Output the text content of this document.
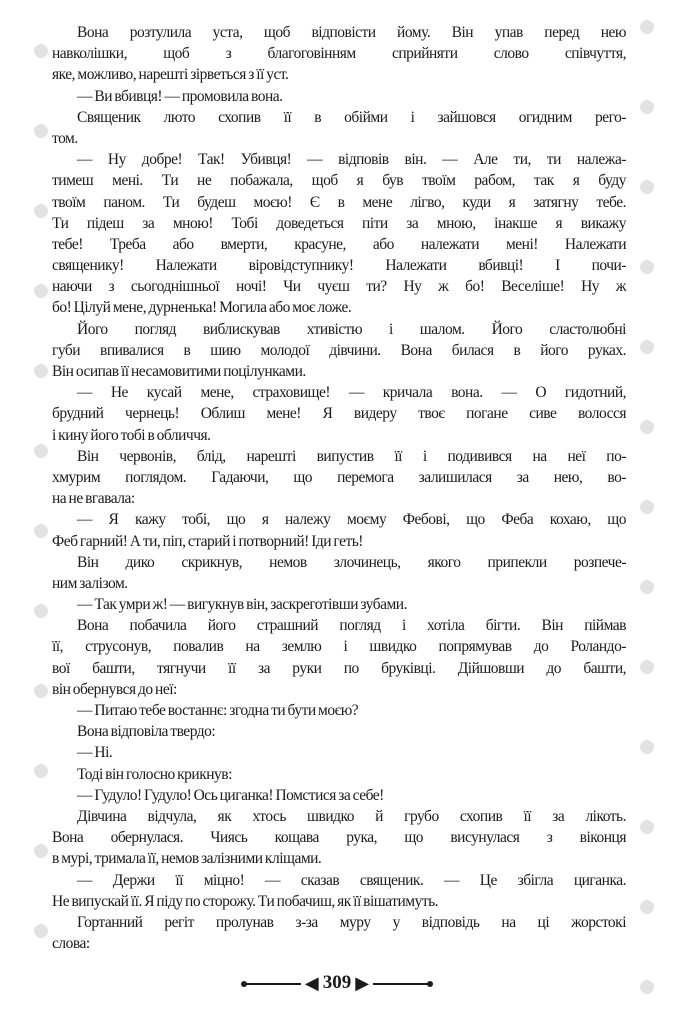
Вона розтулила уста, щоб відповісти йому. Він упав перед нею
навколішки, щоб з благоговінням сприйняти слово співчуття,
яке, можливо, нарешті зірветься з її уст.
— Ви вбивця! — промовила вона.
Священик люто схопив її в обійми і зайшовся огидним рего-
том.
— Ну добре! Так! Убивця! — відповів він. — Але ти, ти належа-
тимеш мені. Ти не побажала, щоб я був твоїм рабом, так я буду
твоїм паном. Ти будеш моєю! Є в мене лігво, куди я затягну тебе.
Ти підеш за мною! Тобі доведеться піти за мною, інакше я викажу
тебе! Треба або вмерти, красуне, або належати мені! Належати
священику! Належати віровідступнику! Належати вбивці! І почи-
наючи з сьогоднішньої ночі! Чи чуєш ти? Ну ж бо! Веселіше! Ну ж
бо! Цілуй мене, дурненька! Могила або моє ложе.
Його погляд виблискував хтивістю і шалом. Його сластолюбні
губи впивалися в шию молодої дівчини. Вона билася в його руках.
Він осипав її несамовитими поцілунками.
— Не кусай мене, страховище! — кричала вона. — О гидотний,
брудний чернець! Облиш мене! Я видеру твоє погане сиве волосся
і кину його тобі в обличчя.
Він червонів, блід, нарешті випустив її і подивився на неї по-
хмурим поглядом. Гадаючи, що перемога залишилася за нею, во-
на не вгавала:
— Я кажу тобі, що я належу моєму Фебові, що Феба кохаю, що
Феб гарний! А ти, піп, старий і потворний! Іди геть!
Він дико скрикнув, немов злочинець, якого припекли розпече-
ним залізом.
— Так умри ж! — вигукнув він, заскреготівши зубами.
Вона побачила його страшний погляд і хотіла бігти. Він піймав
її, струсонув, повалив на землю і швидко попрямував до Роландо-
вої башти, тягнучи її за руки по бруківці. Дійшовши до башти,
він обернувся до неї:
— Питаю тебе востаннє: згодна ти бути моєю?
Вона відповіла твердо:
— Ні.
Тоді він голосно крикнув:
— Гудуло! Гудуло! Ось циганка! Помстися за себе!
Дівчина відчула, як хтось швидко й грубо схопив її за лікоть.
Вона обернулася. Чиясь кощава рука, що висунулася з віконця
в мурі, тримала її, немов залізними кліщами.
— Держи її міцно! — сказав священик. — Це збігла циганка.
Не випускай її. Я піду по сторожу. Ти побачиш, як її вішатимуть.
Гортанний регіт пролунав з-за муру у відповідь на ці жорстокі
слова:
◀ 309 ▶
